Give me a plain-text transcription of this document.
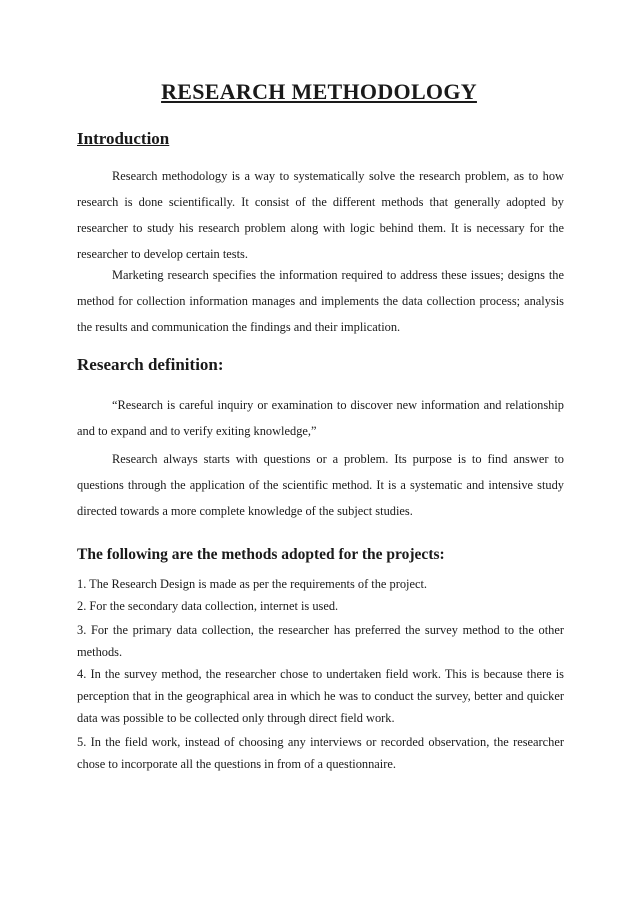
RESEARCH METHODOLOGY
Introduction

Research methodology is a way to systematically solve the research problem, as to how research is done scientifically. It consist of the different methods that generally adopted by researcher to study his research problem along with logic behind them. It is necessary for the researcher to develop certain tests.

Marketing research specifies the information required to address these issues; designs the method for collection information manages and implements the data collection process; analysis the results and communication the findings and their implication.

Research definition:

“Research is careful inquiry or examination to discover new information and relationship and to expand and to verify exiting knowledge,”

Research always starts with questions or a problem. Its purpose is to find answer to questions through the application of the scientific method. It is a systematic and intensive study directed towards a more complete knowledge of the subject studies.

The following are the methods adopted for the projects:

1. The Research Design is made as per the requirements of the project.

2. For the secondary data collection, internet is used.

3. For the primary data collection, the researcher has preferred the survey method to the other methods.

4. In the survey method, the researcher chose to undertaken field work. This is because there is perception that in the geographical area in which he was to conduct the survey, better and quicker data was possible to be collected only through direct field work.

5. In the field work, instead of choosing any interviews or recorded observation, the researcher chose to incorporate all the questions in from of a questionnaire.
